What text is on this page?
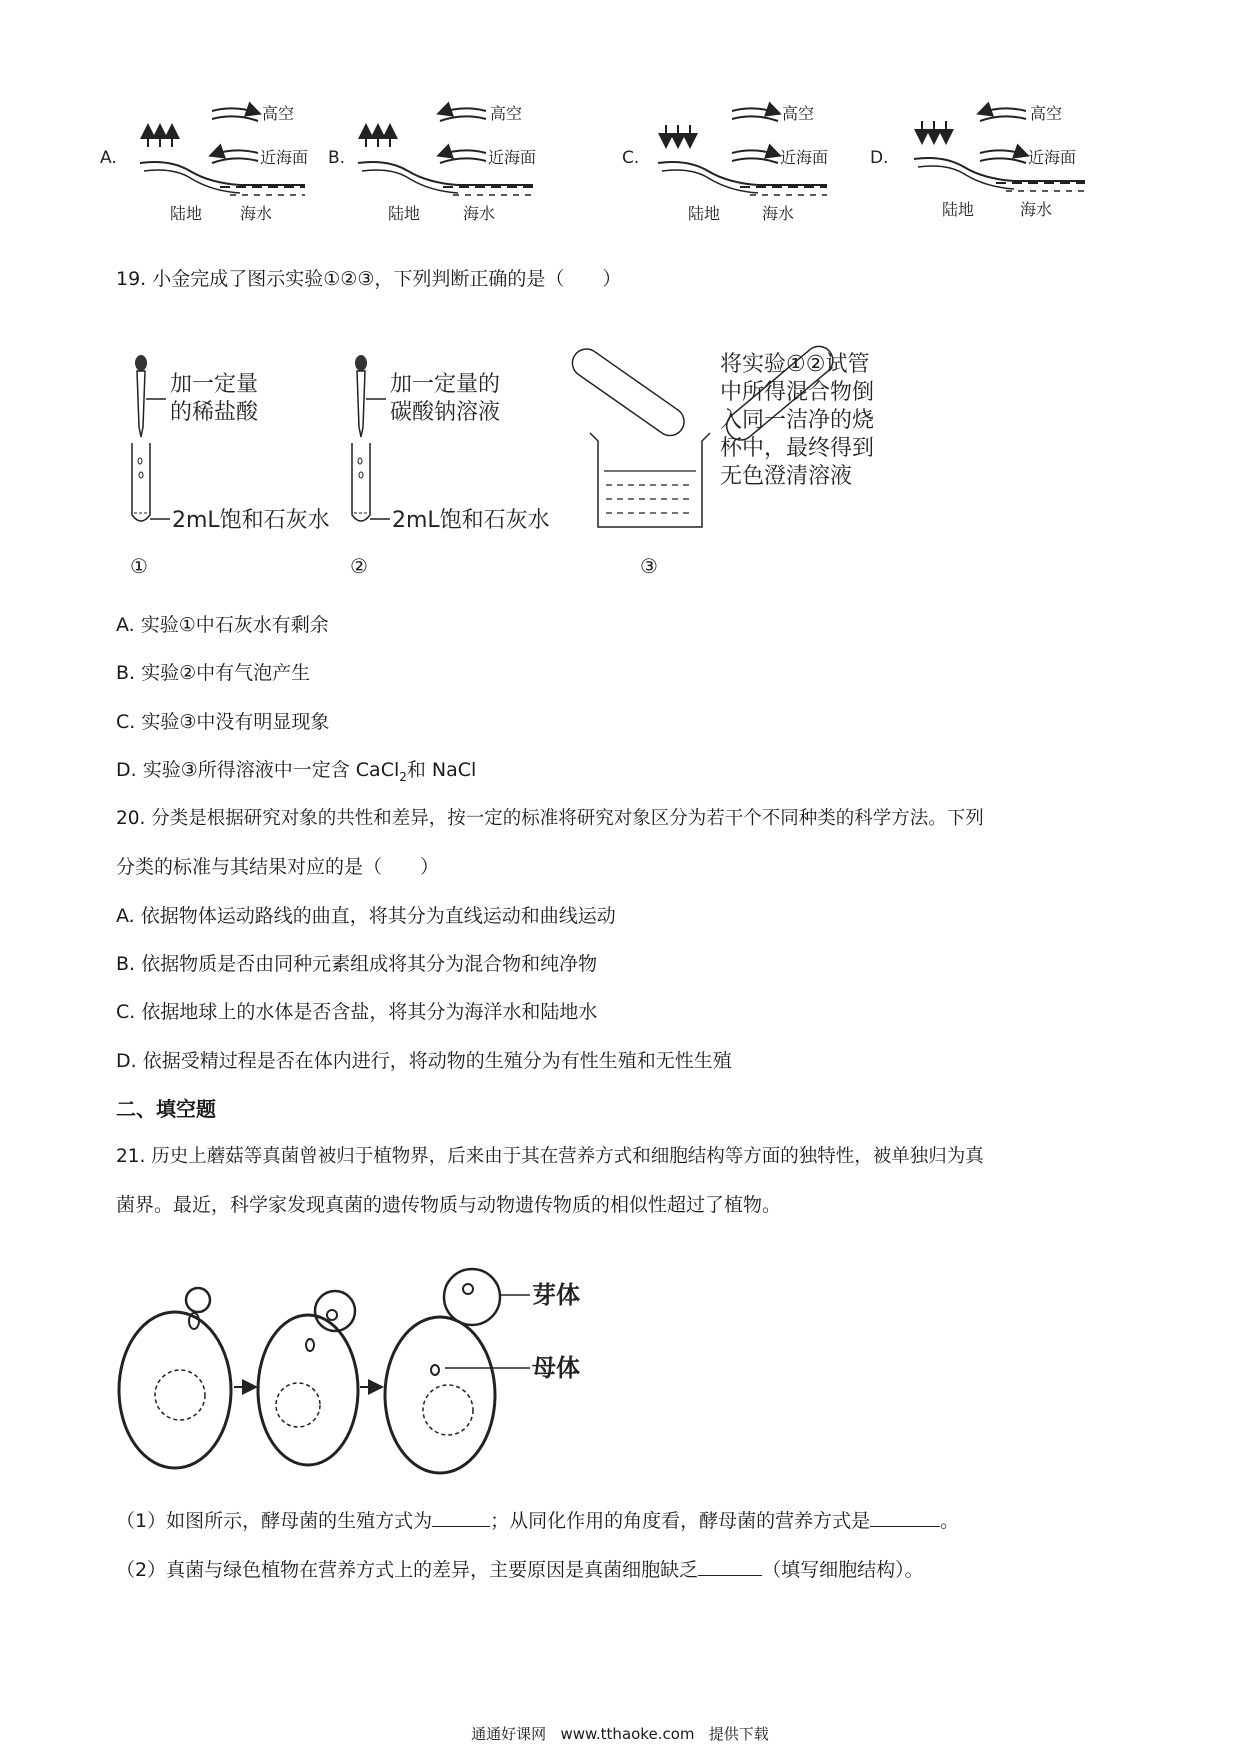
A.
高空
近海面
陆地 海水
B.
高空
近海面
陆地	海水
C.
高空
近海面
陆地	海水
D.
高空
近海面
陆地	海水
19. 小金完成了图示实验①②③，下列判断正确的是（　　）
加一定量
的稀盐酸
2mL饱和石灰水
①
加一定量的
碳酸钠溶液
2mL饱和石灰水
②
将实验①②试管
中所得混合物倒
入同一洁净的烧
杯中，最终得到
无色澄清溶液
③
A. 实验①中石灰水有剩余
B. 实验②中有气泡产生
C. 实验③中没有明显现象
D. 实验③所得溶液中一定含 CaCl$_2$和 NaCl
20. 分类是根据研究对象的共性和差异，按一定的标准将研究对象区分为若干个不同种类的科学方法。下列
分类的标准与其结果对应的是（　　）
A. 依据物体运动路线的曲直，将其分为直线运动和曲线运动
B. 依据物质是否由同种元素组成将其分为混合物和纯净物
C. 依据地球上的水体是否含盐，将其分为海洋水和陆地水
D. 依据受精过程是否在体内进行，将动物的生殖分为有性生殖和无性生殖
二、填空题
21. 历史上蘑菇等真菌曾被归于植物界，后来由于其在营养方式和细胞结构等方面的独特性，被单独归为真
菌界。最近，科学家发现真菌的遗传物质与动物遗传物质的相似性超过了植物。
芽体
母体
（1）如图所示，酵母菌的生殖方式为	；从同化作用的角度看，酵母菌的营养方式是	。
（2）真菌与绿色植物在营养方式上的差异，主要原因是真菌细胞缺乏	（填写细胞结构）。
通通好课网   www.tthaoke.com   提供下载
